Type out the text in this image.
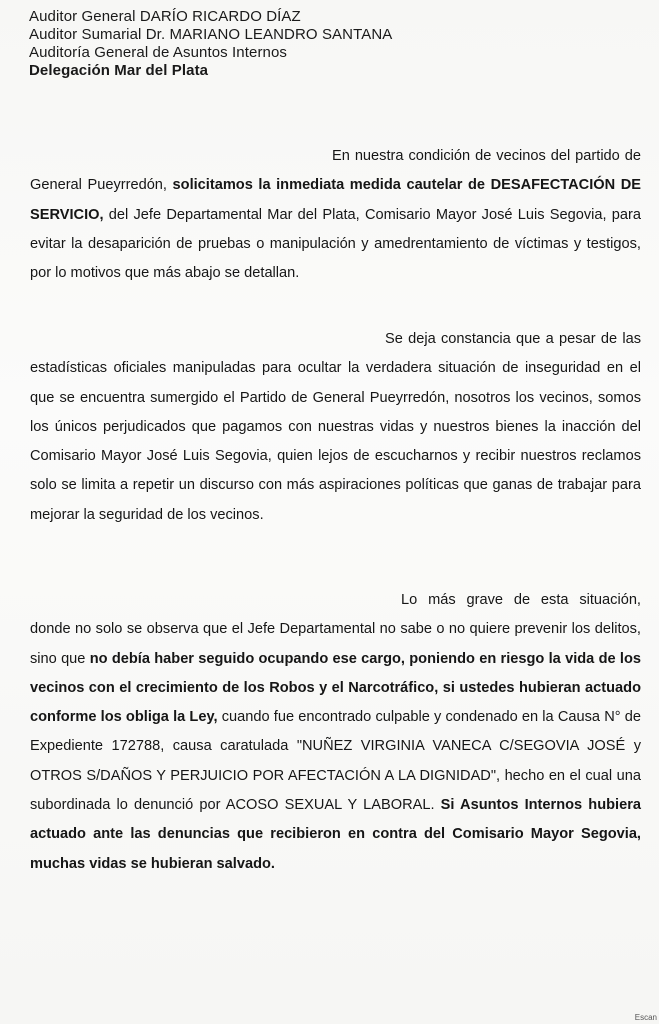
Auditor General DARÍO RICARDO DÍAZ
Auditor Sumarial Dr. MARIANO LEANDRO SANTANA
Auditoría General de Asuntos Internos
Delegación Mar del Plata

En nuestra condición de vecinos del partido de General Pueyrredón, solicitamos la inmediata medida cautelar de DESAFECTACIÓN DE SERVICIO, del Jefe Departamental Mar del Plata, Comisario Mayor José Luis Segovia, para evitar la desaparición de pruebas o manipulación y amedrentamiento de víctimas y testigos, por lo motivos que más abajo se detallan.

Se deja constancia que a pesar de las estadísticas oficiales manipuladas para ocultar la verdadera situación de inseguridad en el que se encuentra sumergido el Partido de General Pueyrredón, nosotros los vecinos, somos los únicos perjudicados que pagamos con nuestras vidas y nuestros bienes la inacción del Comisario Mayor José Luis Segovia, quien lejos de escucharnos y recibir nuestros reclamos solo se limita a repetir un discurso con más aspiraciones políticas que ganas de trabajar para mejorar la seguridad de los vecinos.

Lo más grave de esta situación, donde no solo se observa que el Jefe Departamental no sabe o no quiere prevenir los delitos, sino que no debía haber seguido ocupando ese cargo, poniendo en riesgo la vida de los vecinos con el crecimiento de los Robos y el Narcotráfico, si ustedes hubieran actuado conforme los obliga la Ley, cuando fue encontrado culpable y condenado en la Causa N° de Expediente 172788, causa caratulada "NUÑEZ VIRGINIA VANECA C/SEGOVIA JOSÉ y OTROS S/DAÑOS Y PERJUICIO POR AFECTACIÓN A LA DIGNIDAD", hecho en el cual una subordinada lo denunció por ACOSO SEXUAL Y LABORAL. Si Asuntos Internos hubiera actuado ante las denuncias que recibieron en contra del Comisario Mayor Segovia, muchas vidas se hubieran salvado.

Escan
